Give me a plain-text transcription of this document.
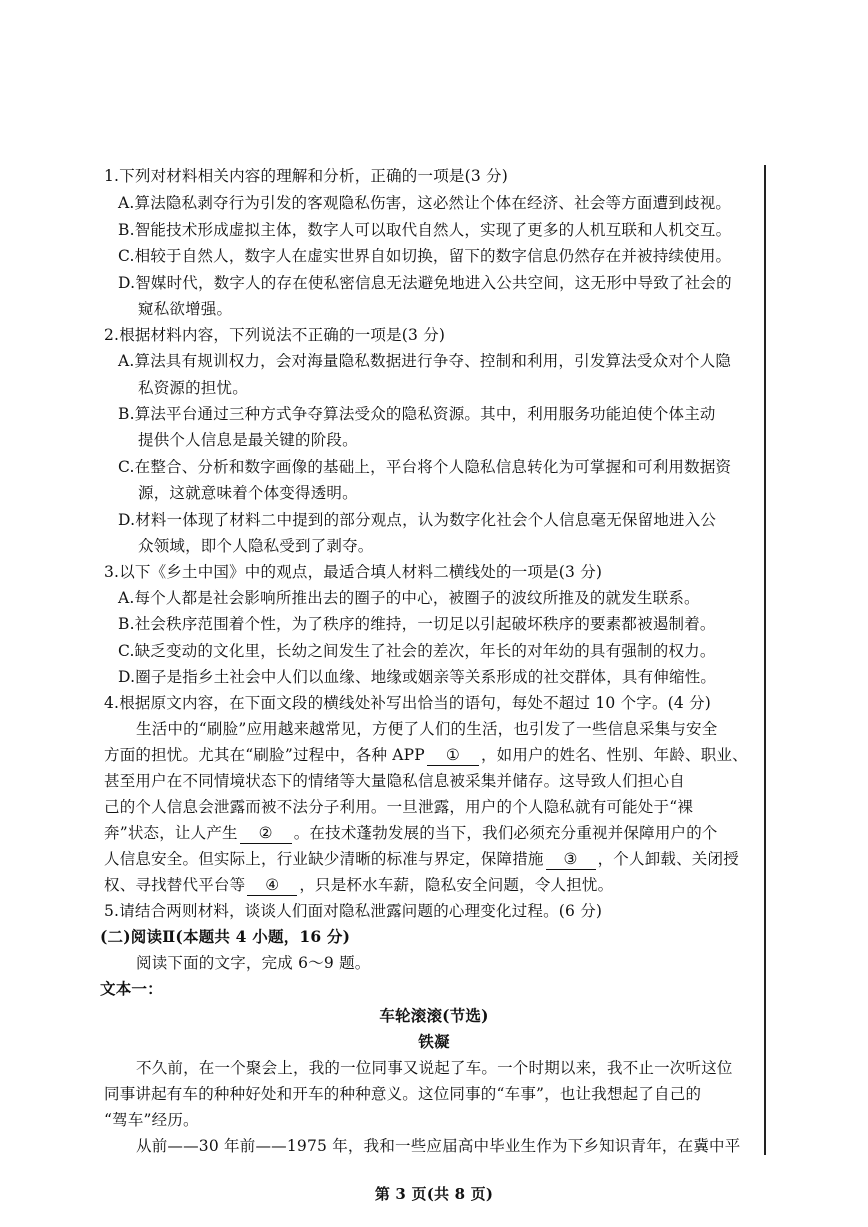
1.下列对材料相关内容的理解和分析，正确的一项是(3 分)
A.算法隐私剥夺行为引发的客观隐私伤害，这必然让个体在经济、社会等方面遭到歧视。
B.智能技术形成虚拟主体，数字人可以取代自然人，实现了更多的人机互联和人机交互。
C.相较于自然人，数字人在虚实世界自如切换，留下的数字信息仍然存在并被持续使用。
D.智媒时代，数字人的存在使私密信息无法避免地进入公共空间，这无形中导致了社会的
窥私欲增强。
2.根据材料内容，下列说法不正确的一项是(3 分)
A.算法具有规训权力，会对海量隐私数据进行争夺、控制和利用，引发算法受众对个人隐
私资源的担忧。
B.算法平台通过三种方式争夺算法受众的隐私资源。其中，利用服务功能迫使个体主动
提供个人信息是最关键的阶段。
C.在整合、分析和数字画像的基础上，平台将个人隐私信息转化为可掌握和可利用数据资
源，这就意味着个体变得透明。
D.材料一体现了材料二中提到的部分观点，认为数字化社会个人信息毫无保留地进入公
众领域，即个人隐私受到了剥夺。
3.以下《乡土中国》中的观点，最适合填人材料二横线处的一项是(3 分)
A.每个人都是社会影响所推出去的圈子的中心，被圈子的波纹所推及的就发生联系。
B.社会秩序范围着个性，为了秩序的维持，一切足以引起破坏秩序的要素都被遏制着。
C.缺乏变动的文化里，长幼之间发生了社会的差次，年长的对年幼的具有强制的权力。
D.圈子是指乡土社会中人们以血缘、地缘或姻亲等关系形成的社交群体，具有伸缩性。
4.根据原文内容，在下面文段的横线处补写出恰当的语句，每处不超过 10 个字。(4 分)
生活中的“刷脸”应用越来越常见，方便了人们的生活，也引发了一些信息采集与安全
方面的担忧。尤其在“刷脸”过程中，各种 APP ① ，如用户的姓名、性别、年龄、职业、
甚至用户在不同情境状态下的情绪等大量隐私信息被采集并储存。这导致人们担心自
己的个人信息会泄露而被不法分子利用。一旦泄露，用户的个人隐私就有可能处于“裸
奔”状态，让人产生 ② 。在技术蓬勃发展的当下，我们必须充分重视并保障用户的个
人信息安全。但实际上，行业缺少清晰的标准与界定，保障措施 ③ ，个人卸载、关闭授
权、寻找替代平台等 ④ ，只是杯水车薪，隐私安全问题，令人担忧。
5.请结合两则材料，谈谈人们面对隐私泄露问题的心理变化过程。(6 分)
(二)阅读Ⅱ(本题共 4 小题，16 分)
阅读下面的文字，完成 6～9 题。
文本一：
车轮滚滚(节选)
铁凝
不久前，在一个聚会上，我的一位同事又说起了车。一个时期以来，我不止一次听这位
同事讲起有车的种种好处和开车的种种意义。这位同事的“车事”，也让我想起了自己的
“驾车”经历。
从前——30 年前——1975 年，我和一些应届高中毕业生作为下乡知识青年，在冀中平
第 3 页(共 8 页)
